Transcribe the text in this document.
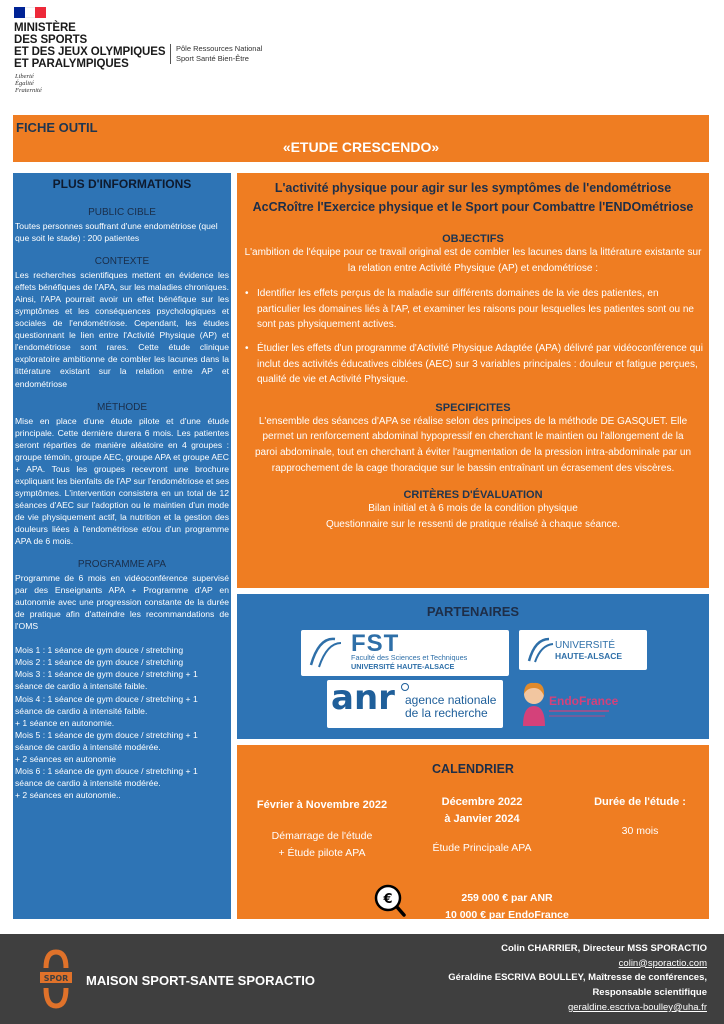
MINISTÈRE
DES SPORTS
ET DES JEUX OLYMPIQUES
ET PARALYMPIQUES
Liberté
Égalité
Fraternité
Pôle Ressources National
Sport Santé Bien-Être
FICHE OUTIL
«ETUDE CRESCENDO»
PLUS D'INFORMATIONS
PUBLIC CIBLE
Toutes personnes souffrant d'une endométriose (quel que soit le stade) : 200 patientes
CONTEXTE
Les recherches scientifiques mettent en évidence les effets bénéfiques de l'APA, sur les maladies chroniques. Ainsi, l'APA pourrait avoir un effet bénéfique sur les symptômes et les conséquences psychologiques et sociales de l'endométriose. Cependant, les études questionnant le lien entre l'Activité Physique (AP) et l'endométriose sont rares. Cette étude clinique exploratoire ambitionne de combler les lacunes dans la littérature existant sur la relation entre AP et endométriose
MÉTHODE
Mise en place d'une étude pilote et d'une étude principale. Cette dernière durera 6 mois. Les patientes seront réparties de manière aléatoire en 4 groupes : groupe témoin, groupe AEC, groupe APA et groupe AEC + APA. Tous les groupes recevront une brochure expliquant les bienfaits de l'AP sur l'endométriose et ses symptômes. L'intervention consistera en un total de 12 séances d'AEC sur l'adoption ou le maintien d'un mode de vie physiquement actif, la nutrition et la gestion des douleurs liées à l'endométriose et/ou d'un programme APA de 6 mois.
PROGRAMME APA
Programme de 6 mois en vidéoconférence supervisé par des Enseignants APA + Programme d'AP en autonomie avec une progression constante de la durée de pratique afin d'atteindre les recommandations de l'OMS
Mois 1 : 1 séance de gym douce / stretching
Mois 2 : 1 séance de gym douce / stretching
Mois 3 : 1 séance de gym douce / stretching + 1
séance de cardio à intensité faible.
Mois 4 : 1 séance de gym douce / stretching + 1
séance de cardio à intensité faible.
+ 1 séance en autonomie.
Mois 5 : 1 séance de gym douce / stretching + 1
séance de cardio à intensité modérée.
+ 2 séances en autonomie
Mois 6 : 1 séance de gym douce / stretching + 1
séance de cardio à intensité modérée.
+ 2 séances en autonomie..
L'activité physique pour agir sur les symptômes de l'endométriose
AcCRoître l'Exercice physique et le Sport pour Combattre l'ENDOmétriose
OBJECTIFS
L'ambition de l'équipe pour ce travail original est de combler les lacunes dans la littérature existante sur la relation entre Activité Physique (AP) et endométriose :
• Identifier les effets perçus de la maladie sur différents domaines de la vie des patientes, en particulier les domaines liés à l'AP, et examiner les raisons pour lesquelles les patientes sont ou ne sont pas physiquement actives.
• Étudier les effets d'un programme d'Activité Physique Adaptée (APA) délivré par vidéoconférence qui inclut des activités éducatives ciblées (AEC) sur 3 variables principales : douleur et fatigue perçues, qualité de vie et Activité Physique.
SPECIFICITES
L'ensemble des séances d'APA se réalise selon des principes de la méthode DE GASQUET. Elle permet un renforcement abdominal hypopressif en cherchant le maintien ou l'allongement de la paroi abdominale, tout en cherchant à éviter l'augmentation de la pression intra-abdominale par un rapprochement de la cage thoracique sur le bassin entraînant un écrasement des viscères.
CRITÈRES D'ÉVALUATION
Bilan initial et à 6 mois de la condition physique
Questionnaire sur le ressenti de pratique réalisé à chaque séance.
PARTENAIRES
FST
Faculté des Sciences et Techniques
UNIVERSITÉ HAUTE-ALSACE
UNIVERSITÉ
HAUTE-ALSACE
anr agence nationale
de la recherche
EndoFrance
CALENDRIER
Février à Novembre 2022
Démarrage de l'étude
+ Étude pilote APA
Décembre 2022
à Janvier 2024
Étude Principale APA
Durée de l'étude :
30 mois
€	259 000 € par ANR
10 000 € par EndoFrance
SPOR MAISON SPORT-SANTE SPORACTIO
Colin CHARRIER, Directeur MSS SPORACTIO
colin@sporactio.com
Géraldine ESCRIVA BOULLEY, Maîtresse de conférences,
Responsable scientifique
geraldine.escriva-boulley@uha.fr
